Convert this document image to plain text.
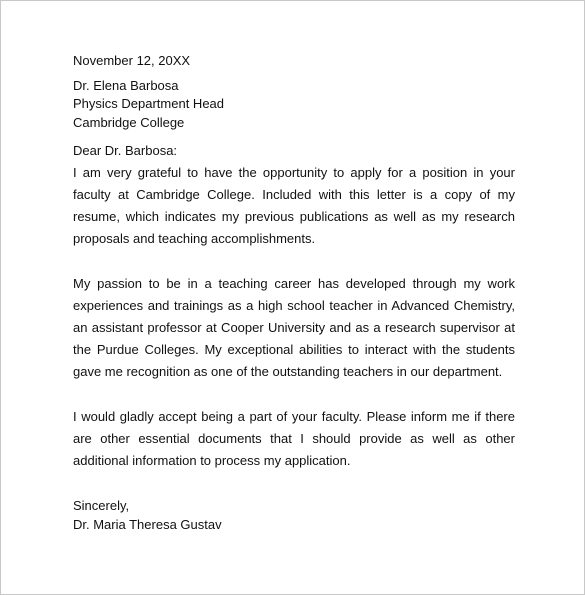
November 12, 20XX
Dr. Elena Barbosa
Physics Department Head
Cambridge College
Dear Dr. Barbosa:

I am very grateful to have the opportunity to apply for a position in your faculty at Cambridge College. Included with this letter is a copy of my resume, which indicates my previous publications as well as my research proposals and teaching accomplishments.

My passion to be in a teaching career has developed through my work experiences and trainings as a high school teacher in Advanced Chemistry, an assistant professor at Cooper University and as a research supervisor at the Purdue Colleges. My exceptional abilities to interact with the students gave me recognition as one of the outstanding teachers in our department.

I would gladly accept being a part of your faculty. Please inform me if there are other essential documents that I should provide as well as other additional information to process my application.

Sincerely,
Dr. Maria Theresa Gustav
